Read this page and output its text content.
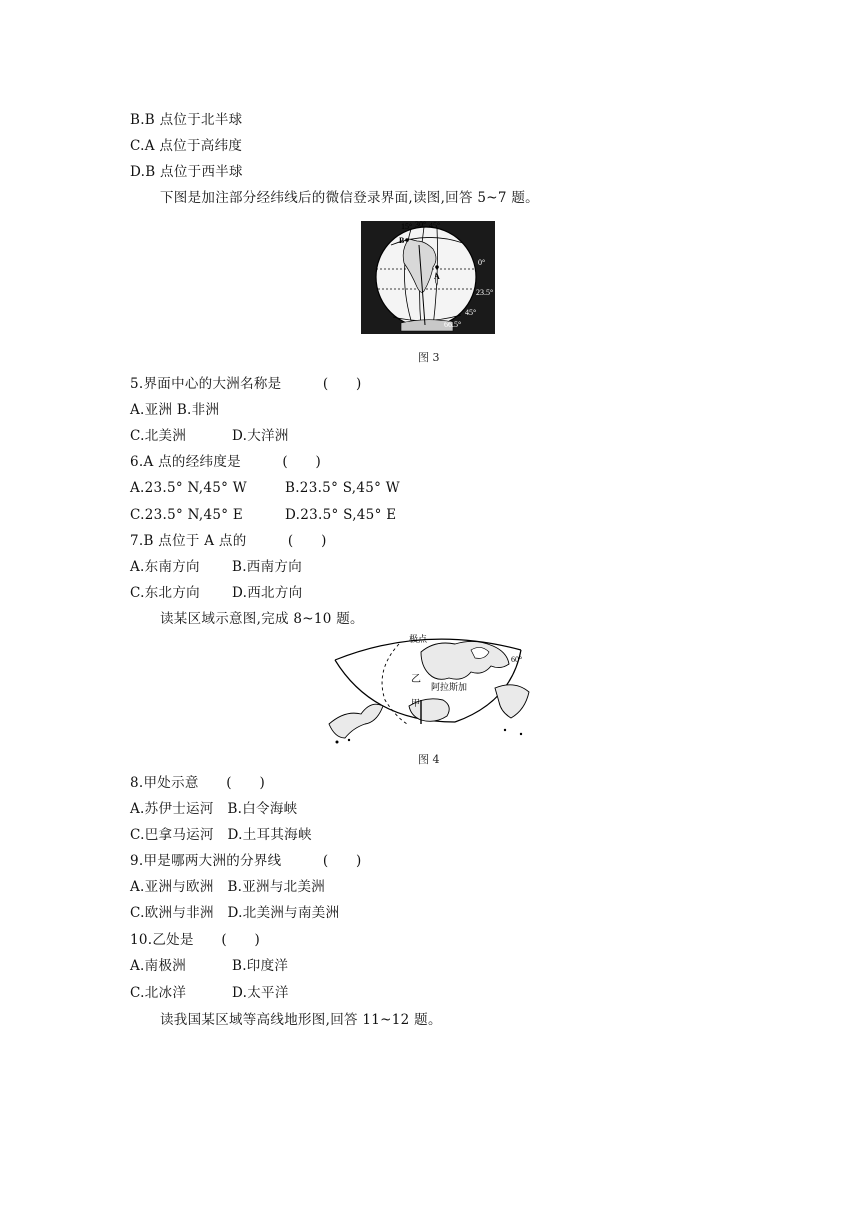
B.B 点位于北半球
C.A 点位于高纬度
D.B 点位于西半球
下图是加注部分经纬线后的微信登录界面,读图,回答 5~7 题。
15° 30° 45°
B
A
0°
23.5°
45°
66.5°
图 3
5.界面中心的大洲名称是　　　(　　)
A.亚洲 B.非洲
C.北美洲	D.大洋洲
6.A 点的经纬度是　　　(　　)
A.23.5° N,45° W	B.23.5° S,45° W
C.23.5° N,45° E	D.23.5° S,45° E
7.B 点位于 A 点的　　　(　　)
A.东南方向 B.西南方向
C.东北方向 D.西北方向
读某区域示意图,完成 8~10 题。
极点
60°
乙
阿拉斯加
甲
图 4
8.甲处示意　　(　　)
A.苏伊士运河　B.白令海峡
C.巴拿马运河　D.土耳其海峡
9.甲是哪两大洲的分界线　　　(　　)
A.亚洲与欧洲　B.亚洲与北美洲
C.欧洲与非洲　D.北美洲与南美洲
10.乙处是　　(　　)
A.南极洲	B.印度洋
C.北冰洋	D.太平洋
读我国某区域等高线地形图,回答 11~12 题。
